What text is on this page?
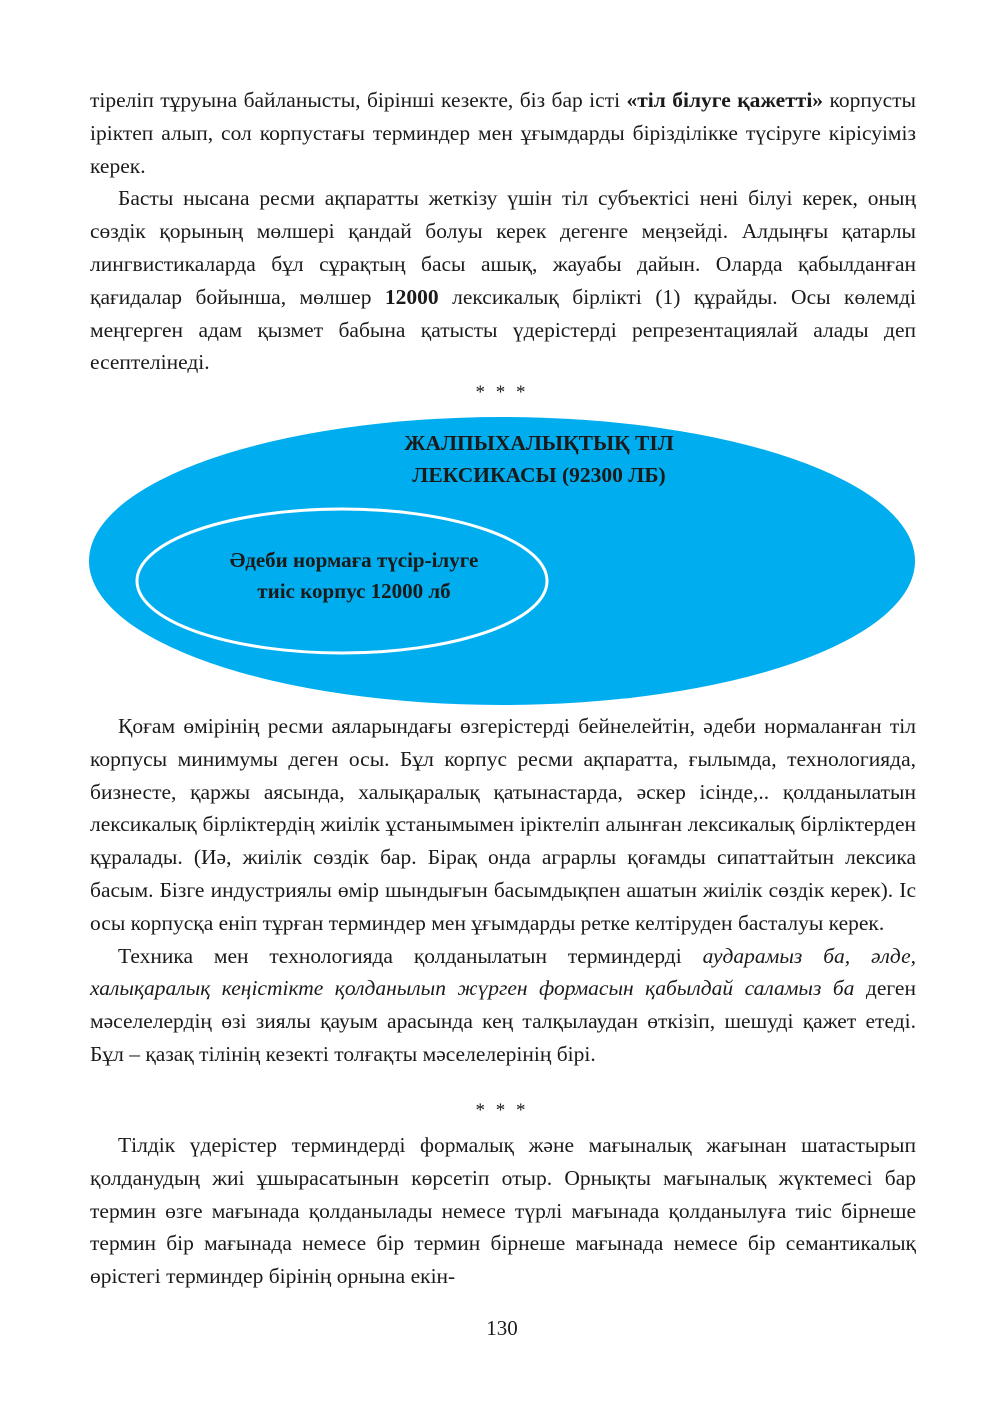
тіреліп тұруына байланысты, бірінші кезекте, біз бар істі «тіл білуге қажетті» корпусты іріктеп алып, сол корпустағы терминдер мен ұғымдарды бірізділікке түсіруге кірісуіміз керек.

Басты нысана ресми ақпаратты жеткізу үшін тіл субъектісі нені білуі керек, оның сөздік қорының мөлшері қандай болуы керек дегенге меңзейді. Алдыңғы қатарлы лингвистикаларда бұл сұрақтың басы ашық, жауабы дайын. Оларда қабылданған қағидалар бойынша, мөлшер 12000 лексикалық бірлікті (1) құрайды. Осы көлемді меңгерген адам қызмет бабына қатысты үдерістерді репрезентациялай алады деп есептелінеді.

* * *
ЖАЛПЫХАЛЫҚТЫҚ ТІЛ
ЛЕКСИКАСЫ (92300 ЛБ)
Әдеби нормаға түсір-ілуге
тиіс корпус 12000 лб

Қоғам өмірінің ресми аяларындағы өзгерістерді бейнелейтін, әдеби нормаланған тіл корпусы минимумы деген осы. Бұл корпус ресми ақпаратта, ғылымда, технологияда, бизнесте, қаржы аясында, халықаралық қатынастарда, әскер ісінде,.. қолданылатын лексикалық бірліктердің жиілік ұстанымымен іріктеліп алынған лексикалық бірліктерден құралады. (Иә, жиілік сөздік бар. Бірақ онда аграрлы қоғамды сипаттайтын лексика басым. Бізге индустриялы өмір шындығын басымдықпен ашатын жиілік сөздік керек). Іс осы корпусқа еніп тұрған терминдер мен ұғымдарды ретке келтіруден басталуы керек.

Техника мен технологияда қолданылатын терминдерді аударамыз ба, әлде, халықаралық кеңістікте қолданылып жүрген формасын қабылдай саламыз ба деген мәселелердің өзі зиялы қауым арасында кең талқылаудан өткізіп, шешуді қажет етеді. Бұл – қазақ тілінің кезекті толғақты мәселелерінің бірі.

* * *

Тілдік үдерістер терминдерді формалық және мағыналық жағынан шатастырып қолданудың жиі ұшырасатынын көрсетіп отыр. Орнықты мағыналық жүктемесі бар термин өзге мағынада қолданылады немесе түрлі мағынада қолданылуға тиіс бірнеше термин бір мағынада немесе бір термин бірнеше мағынада немесе бір семантикалық өрістегі терминдер бірінің орнына екін-

130
